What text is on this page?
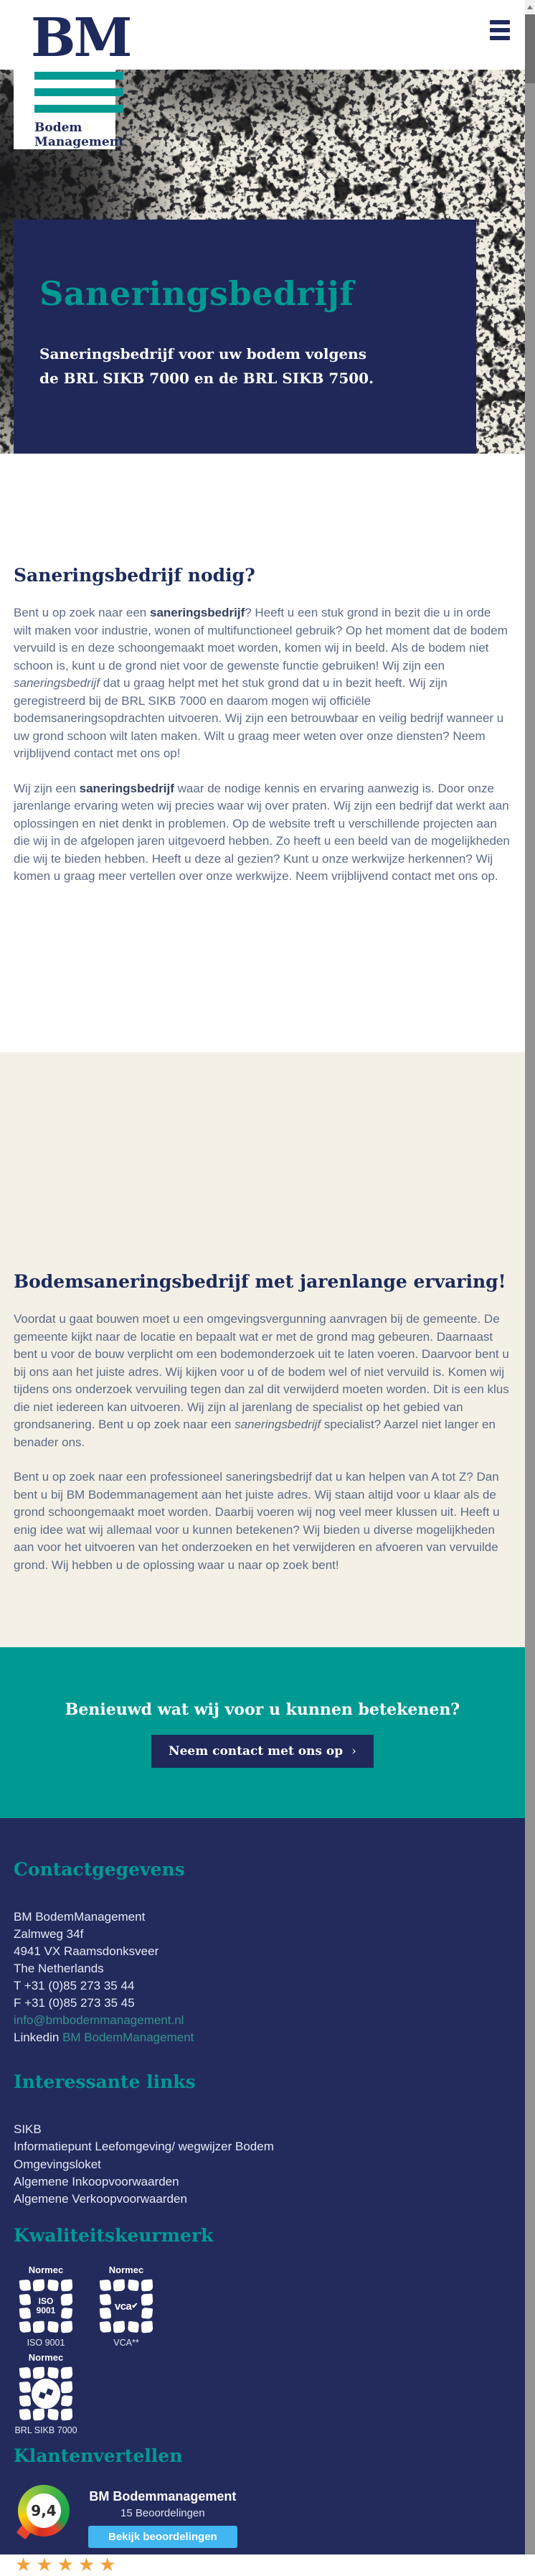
BM
Bodem
Management
Saneringsbedrijf
Saneringsbedrijf voor uw bodem volgens de BRL SIKB 7000 en de BRL SIKB 7500.
Saneringsbedrijf nodig?

Bent u op zoek naar een saneringsbedrijf? Heeft u een stuk grond in bezit die u in orde wilt maken voor industrie, wonen of multifunctioneel gebruik? Op het moment dat de bodem vervuild is en deze schoongemaakt moet worden, komen wij in beeld. Als de bodem niet schoon is, kunt u de grond niet voor de gewenste functie gebruiken! Wij zijn een saneringsbedrijf dat u graag helpt met het stuk grond dat u in bezit heeft. Wij zijn geregistreerd bij de BRL SIKB 7000 en daarom mogen wij officiële bodemsaneringsopdrachten uitvoeren. Wij zijn een betrouwbaar en veilig bedrijf wanneer u uw grond schoon wilt laten maken. Wilt u graag meer weten over onze diensten? Neem vrijblijvend contact met ons op!

Wij zijn een saneringsbedrijf waar de nodige kennis en ervaring aanwezig is. Door onze jarenlange ervaring weten wij precies waar wij over praten. Wij zijn een bedrijf dat werkt aan oplossingen en niet denkt in problemen. Op de website treft u verschillende projecten aan die wij in de afgelopen jaren uitgevoerd hebben. Zo heeft u een beeld van de mogelijkheden die wij te bieden hebben. Heeft u deze al gezien? Kunt u onze werkwijze herkennen? Wij komen u graag meer vertellen over onze werkwijze. Neem vrijblijvend contact met ons op.

Bodemsaneringsbedrijf met jarenlange ervaring!

Voordat u gaat bouwen moet u een omgevingsvergunning aanvragen bij de gemeente. De gemeente kijkt naar de locatie en bepaalt wat er met de grond mag gebeuren. Daarnaast bent u voor de bouw verplicht om een bodemonderzoek uit te laten voeren. Daarvoor bent u bij ons aan het juiste adres. Wij kijken voor u of de bodem wel of niet vervuild is. Komen wij tijdens ons onderzoek vervuiling tegen dan zal dit verwijderd moeten worden. Dit is een klus die niet iedereen kan uitvoeren. Wij zijn al jarenlang de specialist op het gebied van grondsanering. Bent u op zoek naar een saneringsbedrijf specialist? Aarzel niet langer en benader ons.

Bent u op zoek naar een professioneel saneringsbedrijf dat u kan helpen van A tot Z? Dan bent u bij BM Bodemmanagement aan het juiste adres. Wij staan altijd voor u klaar als de grond schoongemaakt moet worden. Daarbij voeren wij nog veel meer klussen uit. Heeft u enig idee wat wij allemaal voor u kunnen betekenen? Wij bieden u diverse mogelijkheden aan voor het uitvoeren van het onderzoeken en het verwijderen en afvoeren van vervuilde grond. Wij hebben u de oplossing waar u naar op zoek bent!

Benieuwd wat wij voor u kunnen betekenen?
Neem contact met ons op ›
Contactgegevens
BM BodemManagement
Zalmweg 34f
4941 VX Raamsdonksveer
The Netherlands
T +31 (0)85 273 35 44
F +31 (0)85 273 35 45
info@bmbodemmanagement.nl
Linkedin BM BodemManagement
Interessante links
SIKB
Informatiepunt Leefomgeving/ wegwijzer Bodem
Omgevingsloket
Algemene Inkoopvoorwaarden
Algemene Verkoopvoorwaarden
Kwaliteitskeurmerk
Normec
ISO 9001
ISO 9001
Normec
vca ✔
VCA**
Normec
BRL SIKB 7000
Klantenvertellen
9,4
BM Bodemmanagement
15 Beoordelingen
Bekijk beoordelingen
★★★★★
